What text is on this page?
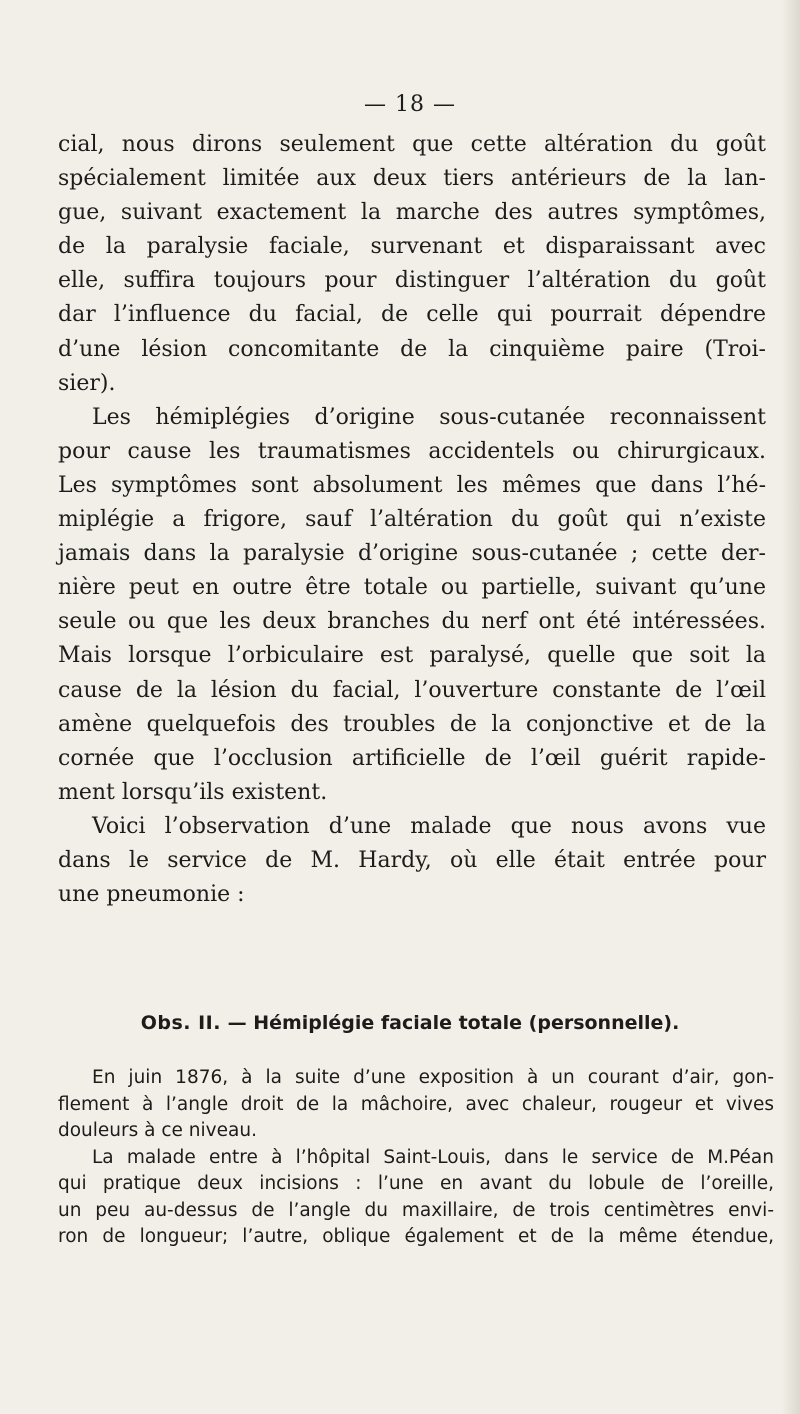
— 18 —
cial, nous dirons seulement que cette altération du goût
spécialement limitée aux deux tiers antérieurs de la lan-
gue, suivant exactement la marche des autres symptômes,
de la paralysie faciale, survenant et disparaissant avec
elle, suffira toujours pour distinguer l’altération du goût
dar l’influence du facial, de celle qui pourrait dépendre
d’une lésion concomitante de la cinquième paire (Troi-
sier).
Les hémiplégies d’origine sous-cutanée reconnaissent
pour cause les traumatismes accidentels ou chirurgicaux.
Les symptômes sont absolument les mêmes que dans l’hé-
miplégie a frigore, sauf l’altération du goût qui n’existe
jamais dans la paralysie d’origine sous-cutanée ; cette der-
nière peut en outre être totale ou partielle, suivant qu’une
seule ou que les deux branches du nerf ont été intéressées.
Mais lorsque l’orbiculaire est paralysé, quelle que soit la
cause de la lésion du facial, l’ouverture constante de l’œil
amène quelquefois des troubles de la conjonctive et de la
cornée que l’occlusion artificielle de l’œil guérit rapide-
ment lorsqu’ils existent.
Voici l’observation d’une malade que nous avons vue
dans le service de M. Hardy, où elle était entrée pour
une pneumonie :
Obs. II. — Hémiplégie faciale totale (personnelle).
En juin 1876, à la suite d’une exposition à un courant d’air, gon-
flement à l’angle droit de la mâchoire, avec chaleur, rougeur et vives
douleurs à ce niveau.
La malade entre à l’hôpital Saint-Louis, dans le service de M.Péan
qui pratique deux incisions : l’une en avant du lobule de l’oreille,
un peu au-dessus de l’angle du maxillaire, de trois centimètres envi-
ron de longueur; l’autre, oblique également et de la même étendue,
